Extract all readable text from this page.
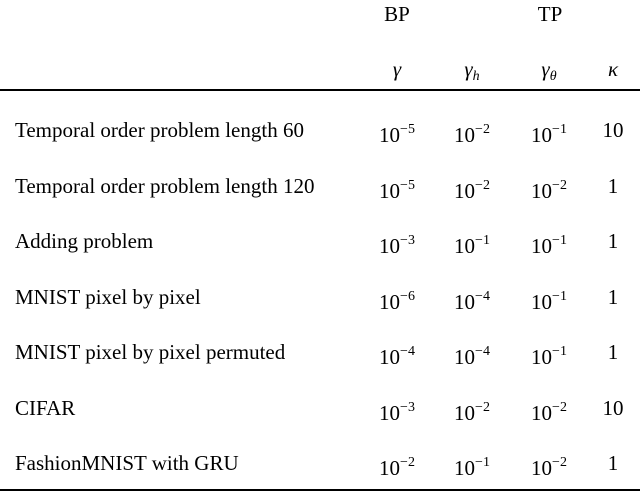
BP	TP
γ	$\gamma_h$	$\gamma_\theta$ κ
Temporal order problem length 60	$10^{-5}$ $10^{-2}$ $10^{-1}$ 10
Temporal order problem length 120	$10^{-5}$ $10^{-2}$ $10^{-2}$ 1
Adding problem	$10^{-3}$ $10^{-1}$ $10^{-1}$ 1
MNIST pixel by pixel	$10^{-6}$ $10^{-4}$ $10^{-1}$ 1
MNIST pixel by pixel permuted	$10^{-4}$ $10^{-4}$ $10^{-1}$ 1
CIFAR	$10^{-3}$ $10^{-2}$ $10^{-2}$ 10
FashionMNIST with GRU	$10^{-2}$ $10^{-1}$ $10^{-2}$ 1
